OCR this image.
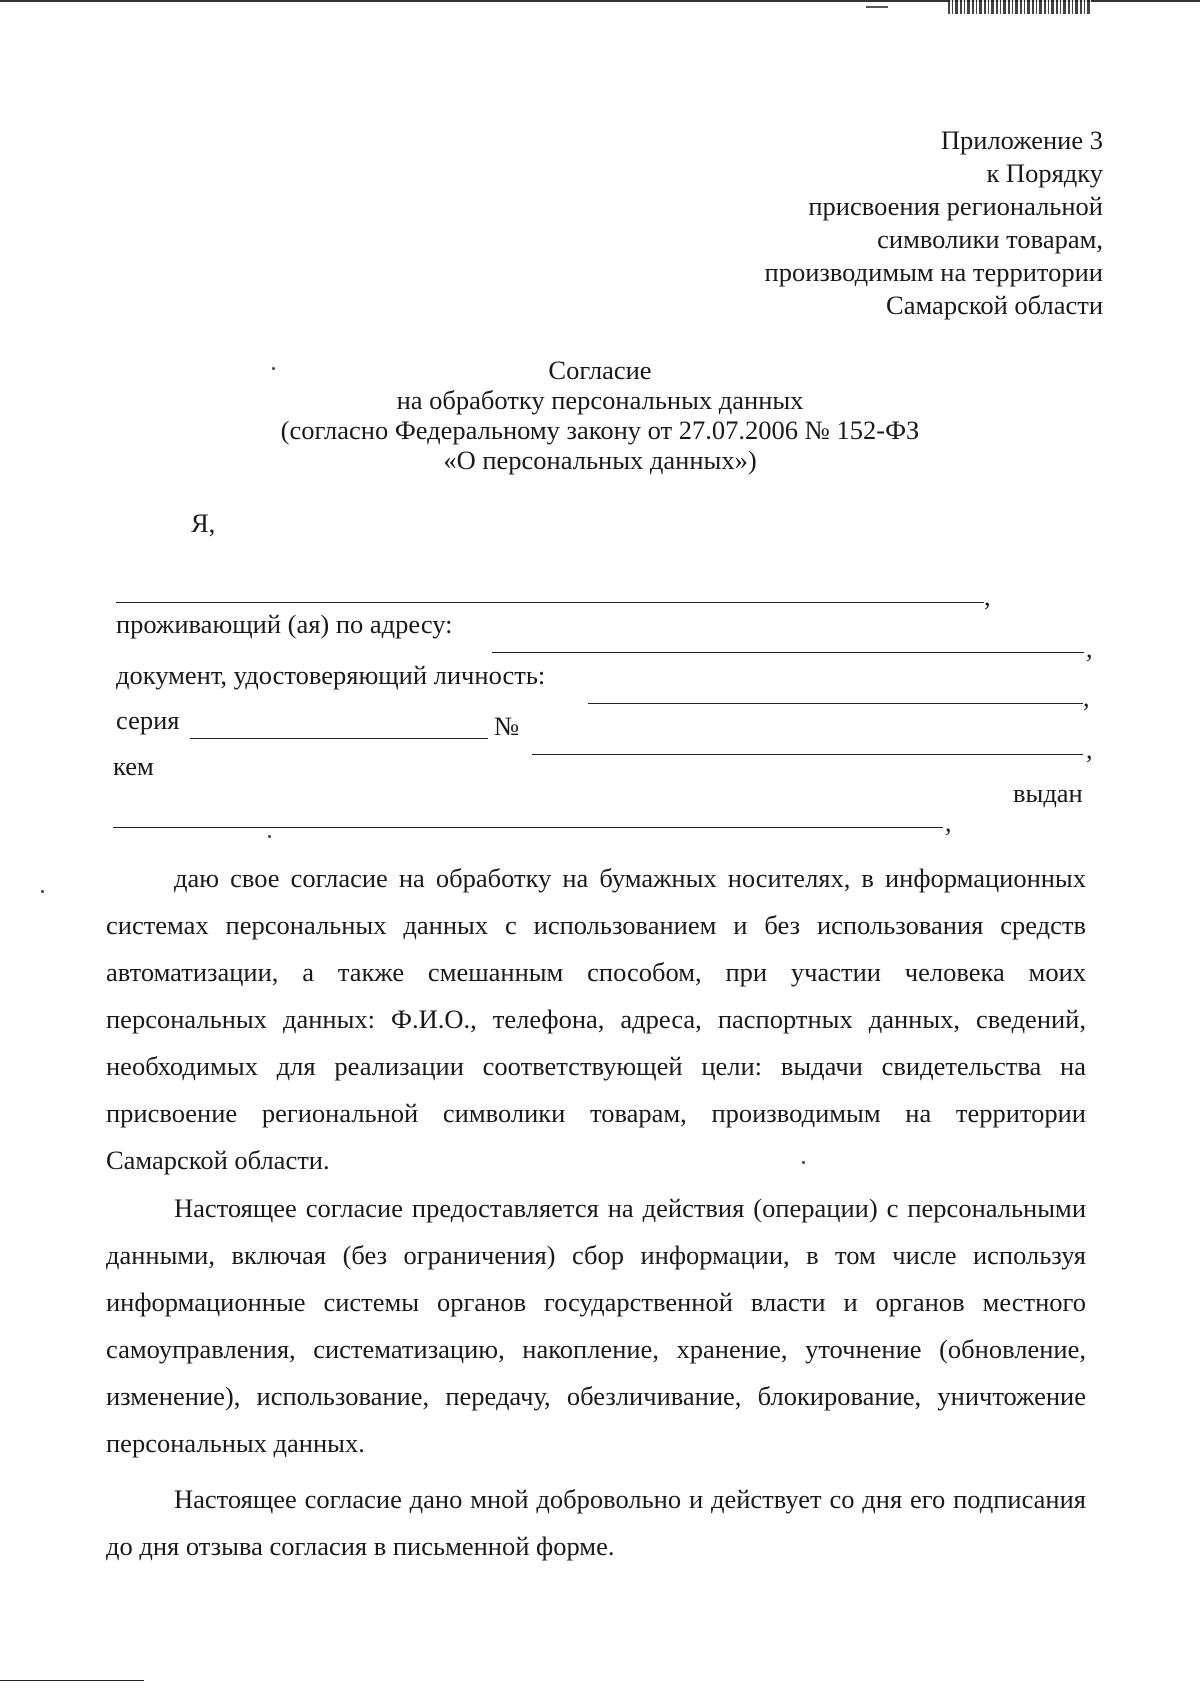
Приложение 3
к Порядку
присвоения региональной
символики товарам,
производимым на территории
Самарской области
Согласие
на обработку персональных данных
(согласно Федеральному закону от 27.07.2006 № 152-ФЗ
«О персональных данных»)
Я,
,
проживающий (ая) по адресу:
,
документ, удостоверяющий личность:
,
серия	№
,
кем
выдан
,
даю свое согласие на обработку на бумажных носителях, в информационных системах персональных данных с использованием и без использования средств автоматизации, а также смешанным способом, при участии человека моих персональных данных: Ф.И.О., телефона, адреса, паспортных данных, сведений, необходимых для реализации соответствующей цели: выдачи свидетельства на присвоение региональной символики товарам, производимым на территории Самарской области.
Настоящее согласие предоставляется на действия (операции) с персональными данными, включая (без ограничения) сбор информации, в том числе используя информационные системы органов государственной власти и органов местного самоуправления, систематизацию, накопление, хранение, уточнение (обновление, изменение), использование, передачу, обезличивание, блокирование, уничтожение персональных данных.
Настоящее согласие дано мной добровольно и действует со дня его подписания до дня отзыва согласия в письменной форме.
